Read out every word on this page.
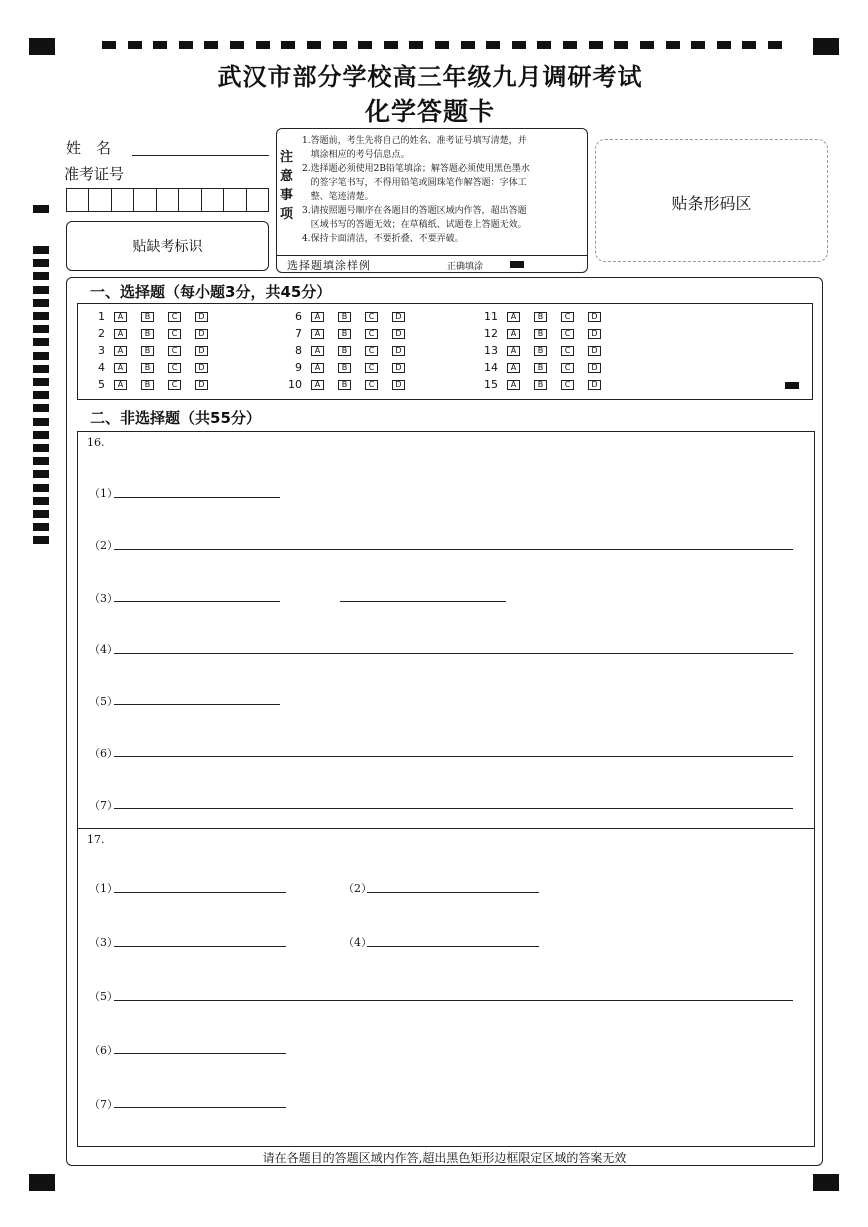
武汉市部分学校高三年级九月调研考试
化学答题卡
姓　名
准考证号
贴缺考标识
注
意
事
项
1.答题前，考生先将自己的姓名、准考证号填写清楚，并
填涂相应的考号信息点。
2.选择题必须使用2B铅笔填涂；解答题必须使用黑色墨水
的签字笔书写，不得用铅笔或圆珠笔作解答题：字体工
整、笔迹清楚。
3.请按照题号顺序在各题目的答题区域内作答，超出答题
区域书写的答题无效；在草稿纸、试题卷上答题无效。
4.保持卡面清洁，不要折叠、不要弄破。
选择题填涂样例	正确填涂
贴条形码区
一、选择题（每小题3分，共45分）
1	A	B	C	D
2	A	B	C	D
3	A	B	C	D
4	A	B	C	D
5	A	B	C	D
6	A	B	C	D
7	A	B	C	D
8	A	B	C	D
9	A	B	C	D
10	A	B	C	D
11	A	B	C	D
12	A	B	C	D
13	A	B	C	D
14	A	B	C	D
15	A	B	C	D
二、非选择题（共55分）
16.
（1）
（2）
（3）
（4）
（5）
（6）
（7）
17.
（1）	（2）
（3）	（4）
（5）
（6）
（7）
请在各题目的答题区域内作答,超出黑色矩形边框限定区域的答案无效
